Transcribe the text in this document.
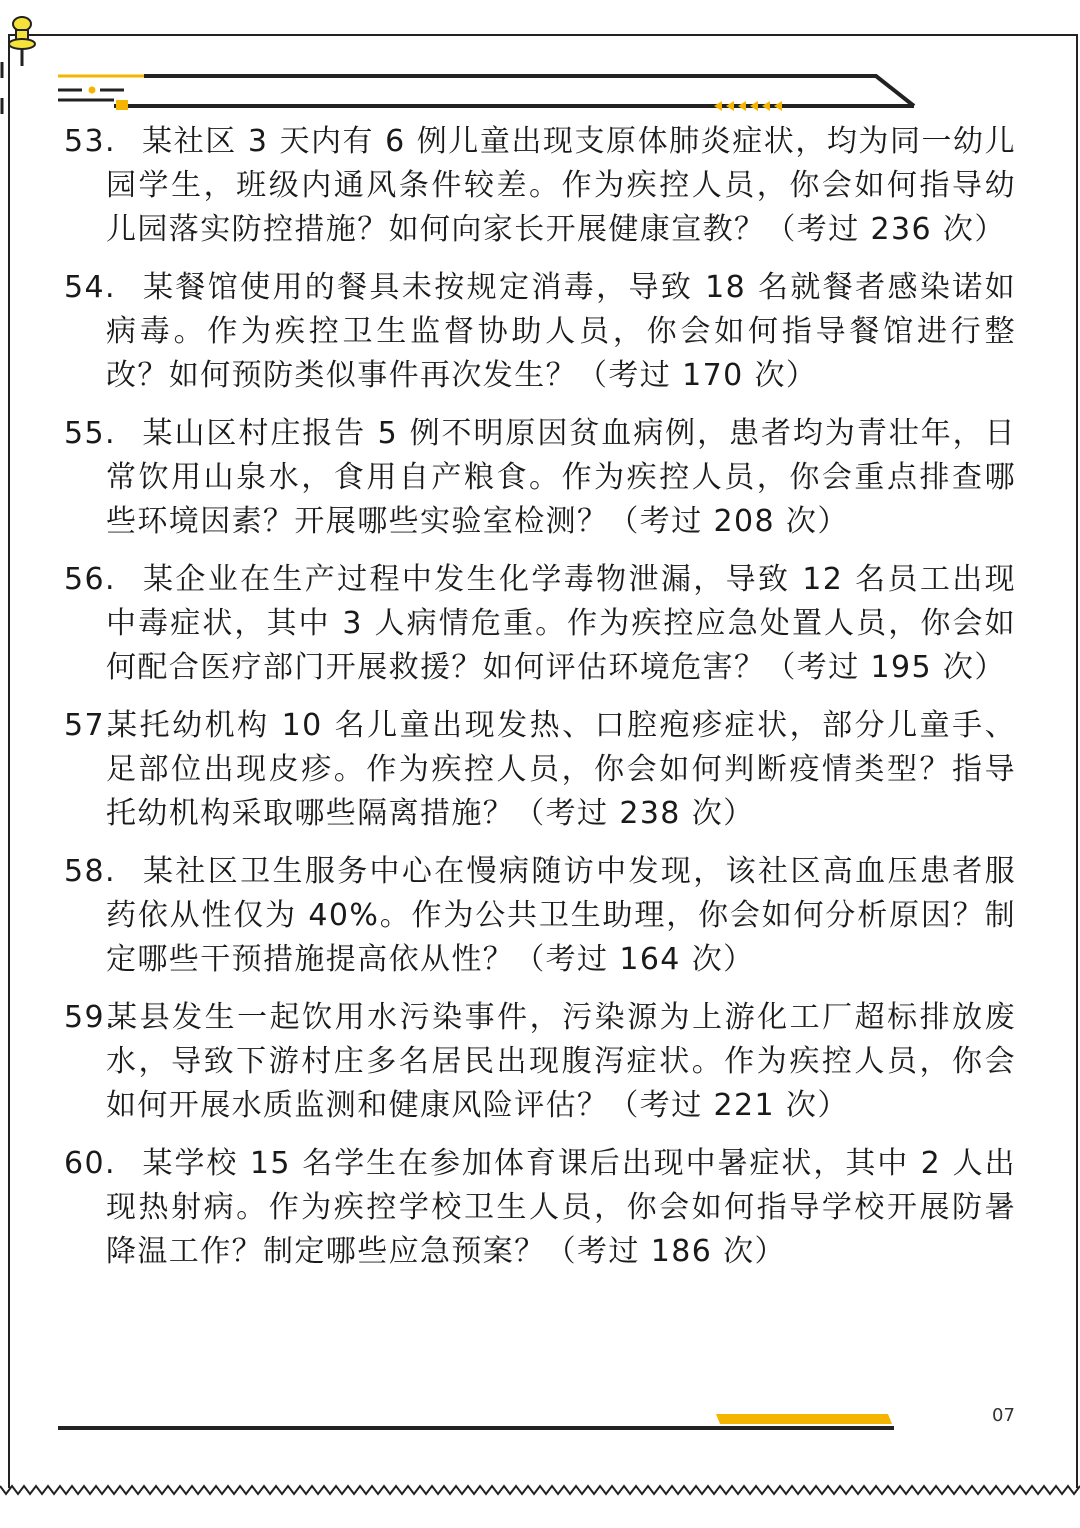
53. 某社区 3 天内有 6 例儿童出现支原体肺炎症状，均为同一幼儿园学生，班级内通风条件较差。作为疾控人员，你会如何指导幼儿园落实防控措施？如何向家长开展健康宣教？（考过 236 次）
54. 某餐馆使用的餐具未按规定消毒，导致 18 名就餐者感染诺如病毒。作为疾控卫生监督协助人员，你会如何指导餐馆进行整改？如何预防类似事件再次发生？（考过 170 次）
55. 某山区村庄报告 5 例不明原因贫血病例，患者均为青壮年，日常饮用山泉水，食用自产粮食。作为疾控人员，你会重点排查哪些环境因素？开展哪些实验室检测？（考过 208 次）
56. 某企业在生产过程中发生化学毒物泄漏，导致 12 名员工出现中毒症状，其中 3 人病情危重。作为疾控应急处置人员，你会如何配合医疗部门开展救援？如何评估环境危害？（考过 195 次）
57.
某托幼机构 10 名儿童出现发热、口腔疱疹症状，部分儿童手、足部位出现皮疹。作为疾控人员，你会如何判断疫情类型？指导托幼机构采取哪些隔离措施？（考过 238 次）
58. 某社区卫生服务中心在慢病随访中发现，该社区高血压患者服药依从性仅为 40%。作为公共卫生助理，你会如何分析原因？制定哪些干预措施提高依从性？（考过 164 次）
59.
某县发生一起饮用水污染事件，污染源为上游化工厂超标排放废水，导致下游村庄多名居民出现腹泻症状。作为疾控人员，你会如何开展水质监测和健康风险评估？（考过 221 次）
60. 某学校 15 名学生在参加体育课后出现中暑症状，其中 2 人出现热射病。作为疾控学校卫生人员，你会如何指导学校开展防暑降温工作？制定哪些应急预案？（考过 186 次）
07
